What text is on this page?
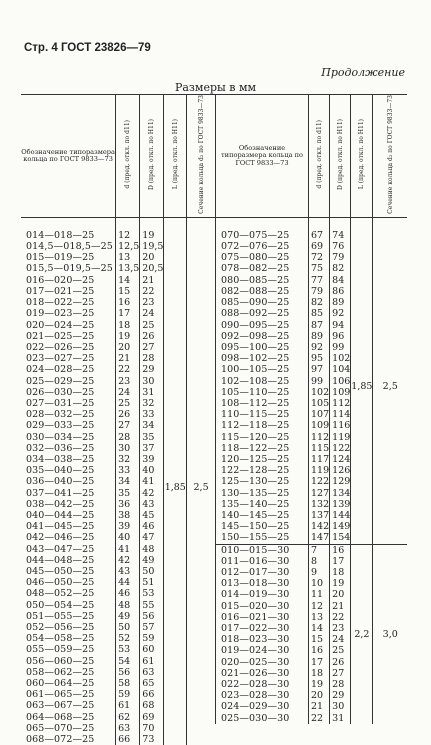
Стр. 4 ГОСТ 23826—79
Продолжение
Размеры в мм
Обозначение типоразмера кольца по ГОСТ 9833—73	d (пред. откл. по d11)	D (пред. откл. по H11)	L (пред. откл. по H11)	Сечение кольца d₂ по ГОСТ 9833—73

014—018—25	12	19	1,85	2,5
014,5—018,5—25	12,5	19,5		
015—019—25	13	20		
015,5—019,5—25	13,5	20,5		
016—020—25	14	21		
017—021—25	15	22		
018—022—25	16	23		
019—023—25	17	24		
020—024—25	18	25		
021—025—25	19	26		
022—026—25	20	27		
023—027—25	21	28		
024—028—25	22	29		
025—029—25	23	30		
026—030—25	24	31		
027—031—25	25	32		
028—032—25	26	33		
029—033—25	27	34		
030—034—25	28	35		
032—036—25	30	37		
034—038—25	32	39		
035—040—25	33	40		
036—040—25	34	41		
037—041—25	35	42		
038—042—25	36	43		
040—044—25	38	45		
041—045—25	39	46		
042—046—25	40	47		
043—047—25	41	48		
044—048—25	42	49		
045—050—25	43	50		
046—050—25	44	51		
048—052—25	46	53		
050—054—25	48	55		
051—055—25	49	56		
052—056—25	50	57		
054—058—25	52	59		
055—059—25	53	60		
056—060—25	54	61		
058—062—25	56	63		
060—064—25	58	65		
061—065—25	59	66		
063—067—25	61	68		
064—068—25	62	69		
065—070—25	63	70		
068—072—25	66	73		
Обозначение типоразмера кольца по ГОСТ 9833—73	d (пред. откл. по d11)	D (пред. откл. по H11)	L (пред. откл. по H11)	Сечение кольца d₂ по ГОСТ 9833—73

070—075—25	67	74	1,85	2,5
072—076—25	69	76		
075—080—25	72	79		
078—082—25	75	82		
080—085—25	77	84		
082—088—25	79	86		
085—090—25	82	89		
088—092—25	85	92		
090—095—25	87	94		
092—098—25	89	96		
095—100—25	92	99		
098—102—25	95	102		
100—105—25	97	104		
102—108—25	99	106		
105—110—25	102	109		
108—112—25	105	112		
110—115—25	107	114		
112—118—25	109	116		
115—120—25	112	119		
118—122—25	115	122		
120—125—25	117	124		
122—128—25	119	126		
125—130—25	122	129		
130—135—25	127	134		
135—140—25	132	139		
140—145—25	137	144		
145—150—25	142	149		
150—155—25	147	154		
010—015—30	7	16	2,2	3,0
011—016—30	8	17		
012—017—30	9	18		
013—018—30	10	19		
014—019—30	11	20		
015—020—30	12	21		
016—021—30	13	22		
017—022—30	14	23		
018—023—30	15	24		
019—024—30	16	25		
020—025—30	17	26		
021—026—30	18	27		
022—028—30	19	28		
023—028—30	20	29		
024—029—30	21	30		
025—030—30	22	31		
